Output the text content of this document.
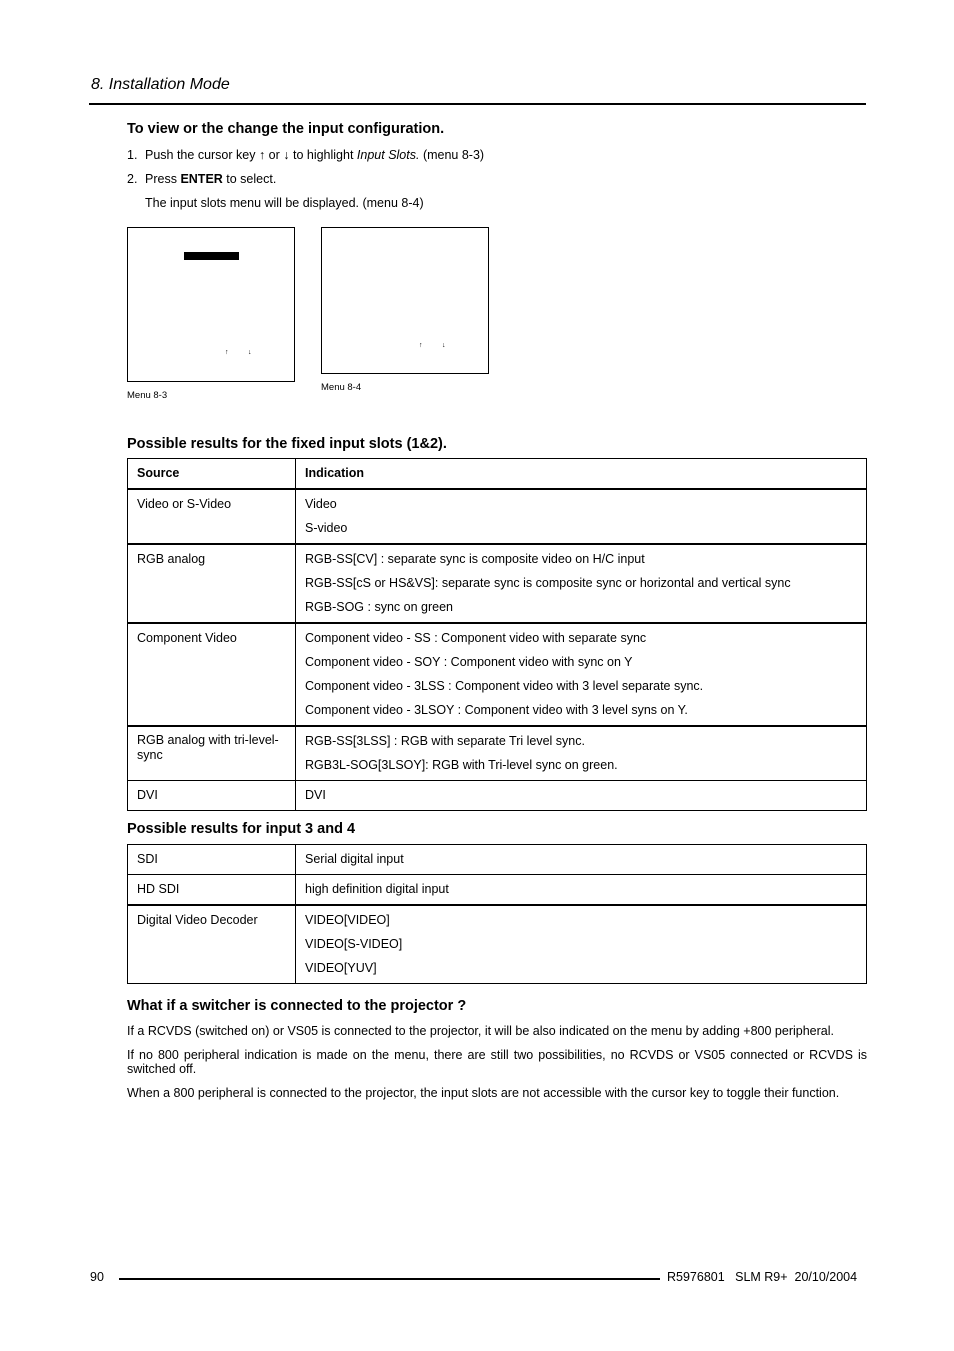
8. Installation Mode
To view or the change the input configuration.
1. Push the cursor key ↑ or ↓ to highlight Input Slots. (menu 8-3)
2. Press ENTER to select.
The input slots menu will be displayed. (menu 8-4)
↑	↓
Menu 8-3
↑	↓
Menu 8-4
Possible results for the fixed input slots (1&2).
Source	Indication
Video or S-Video	Video
S-video

RGB analog	RGB-SS[CV] : separate sync is composite video on H/C input
RGB-SS[cS or HS&VS]: separate sync is composite sync or horizontal and vertical sync
RGB-SOG : sync on green

Component Video	Component video - SS : Component video with separate sync
Component video - SOY : Component video with sync on Y
Component video - 3LSS : Component video with 3 level separate sync.
Component video - 3LSOY : Component video with 3 level syns on Y.

RGB analog with tri-level-sync	RGB-SS[3LSS] : RGB with separate Tri level sync.
RGB3L-SOG[3LSOY]: RGB with Tri-level sync on green.

DVI	DVI
Possible results for input 3 and 4
SDI	Serial digital input

HD SDI	high definition digital input

Digital Video Decoder	VIDEO[VIDEO]
VIDEO[S-VIDEO]
VIDEO[YUV]
What if a switcher is connected to the projector ?
If a RCVDS (switched on) or VS05 is connected to the projector, it will be also indicated on the menu by adding +800 peripheral.
If no 800 peripheral indication is made on the menu, there are still two possibilities, no RCVDS or VS05 connected or RCVDS is switched off.
When a 800 peripheral is connected to the projector, the input slots are not accessible with the cursor key to toggle their function.
90	R5976801   SLM R9+  20/10/2004
